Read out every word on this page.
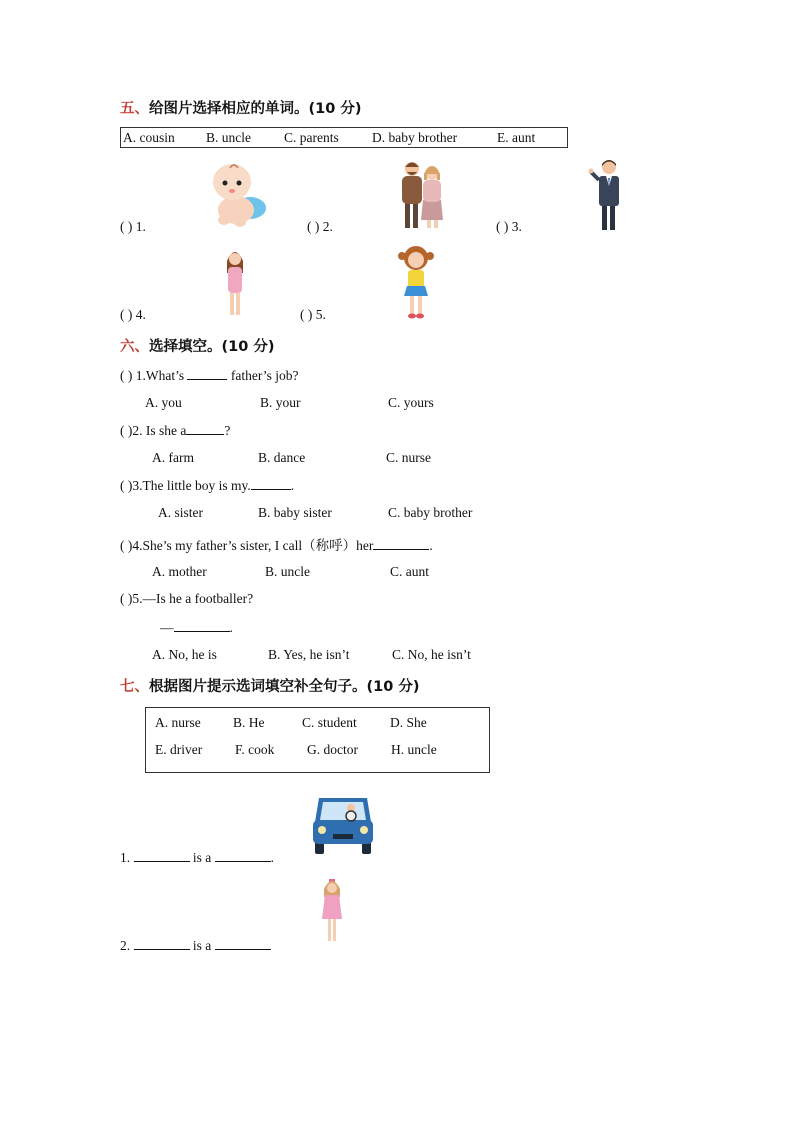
五、给图片选择相应的单词。(10 分)
A. cousin B. uncle C. parents D. baby brother	E. aunt
( ) 1.	( ) 2.	( ) 3.
( ) 4.	( ) 5.
六、选择填空。(10 分)
( ) 1.What’s	father’s job?
A. you	B. your	C. yours
( )2. Is she a	?
A. farm	B. dance	C. nurse
( )3.The little boy is my.	.
A. sister	B. baby sister	C. baby brother
( )4.She’s my father’s sister, I call（称呼）her	.
A. mother	B. uncle	C. aunt
( )5.—Is he a footballer?
—	.
A. No, he is	B. Yes, he isn’t	C. No, he isn’t
七、根据图片提示选词填空补全句子。(10 分)
A. nurse B. He	C. student D. She
E. driver F. cook G. doctor H. uncle
1.	is a	.
2.	is a
